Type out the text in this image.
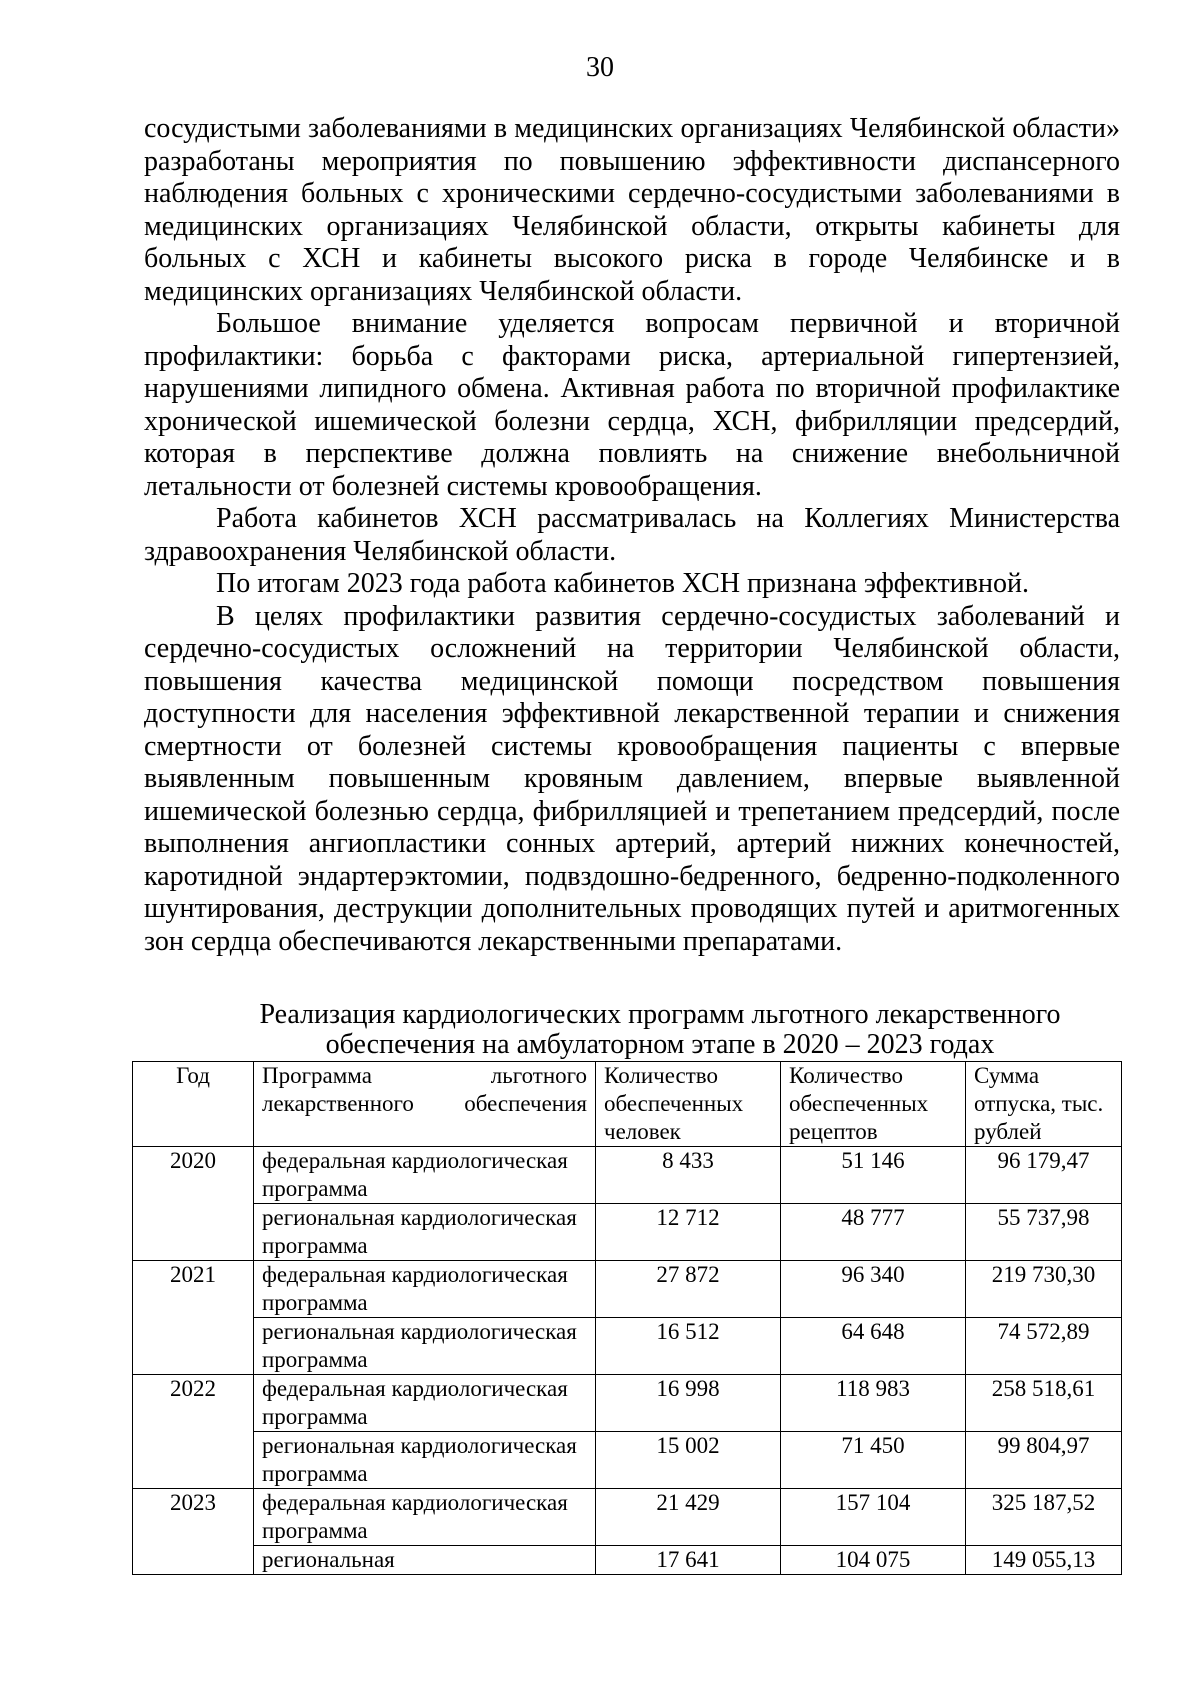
30

сосудистыми заболеваниями в медицинских организациях Челябинской области» разработаны мероприятия по повышению эффективности диспансерного наблюдения больных с хроническими сердечно-сосудистыми заболеваниями в медицинских организациях Челябинской области, открыты кабинеты для больных с ХСН и кабинеты высокого риска в городе Челябинске и в медицинских организациях Челябинской области.

Большое внимание уделяется вопросам первичной и вторичной профилактики: борьба с факторами риска, артериальной гипертензией, нарушениями липидного обмена. Активная работа по вторичной профилактике хронической ишемической болезни сердца, ХСН, фибрилляции предсердий, которая в перспективе должна повлиять на снижение внебольничной летальности от болезней системы кровообращения.

Работа кабинетов ХСН рассматривалась на Коллегиях Министерства здравоохранения Челябинской области.

По итогам 2023 года работа кабинетов ХСН признана эффективной.

В целях профилактики развития сердечно-сосудистых заболеваний и сердечно-сосудистых осложнений на территории Челябинской области, повышения качества медицинской помощи посредством повышения доступности для населения эффективной лекарственной терапии и снижения смертности от болезней системы кровообращения пациенты с впервые выявленным повышенным кровяным давлением, впервые выявленной ишемической болезнью сердца, фибрилляцией и трепетанием предсердий, после выполнения ангиопластики сонных артерий, артерий нижних конечностей, каротидной эндартерэктомии, подвздошно-бедренного, бедренно-подколенного шунтирования, деструкции дополнительных проводящих путей и аритмогенных зон сердца обеспечиваются лекарственными препаратами.

Реализация кардиологических программ льготного лекарственного
обеспечения на амбулаторном этапе в 2020 – 2023 годах
Год	Программа льготного лекарственного обеспечения	Количество обеспеченных человек	Количество обеспеченных рецептов	Сумма отпуска, тыс. рублей
2020	федеральная кардиологическая программа	8 433	51 146	96 179,47
	региональная кардиологическая программа	12 712	48 777	55 737,98
2021	федеральная кардиологическая программа	27 872	96 340	219 730,30
	региональная кардиологическая программа	16 512	64 648	74 572,89
2022	федеральная кардиологическая программа	16 998	118 983	258 518,61
	региональная кардиологическая программа	15 002	71 450	99 804,97
2023	федеральная кардиологическая программа	21 429	157 104	325 187,52
	региональная	17 641	104 075	149 055,13
